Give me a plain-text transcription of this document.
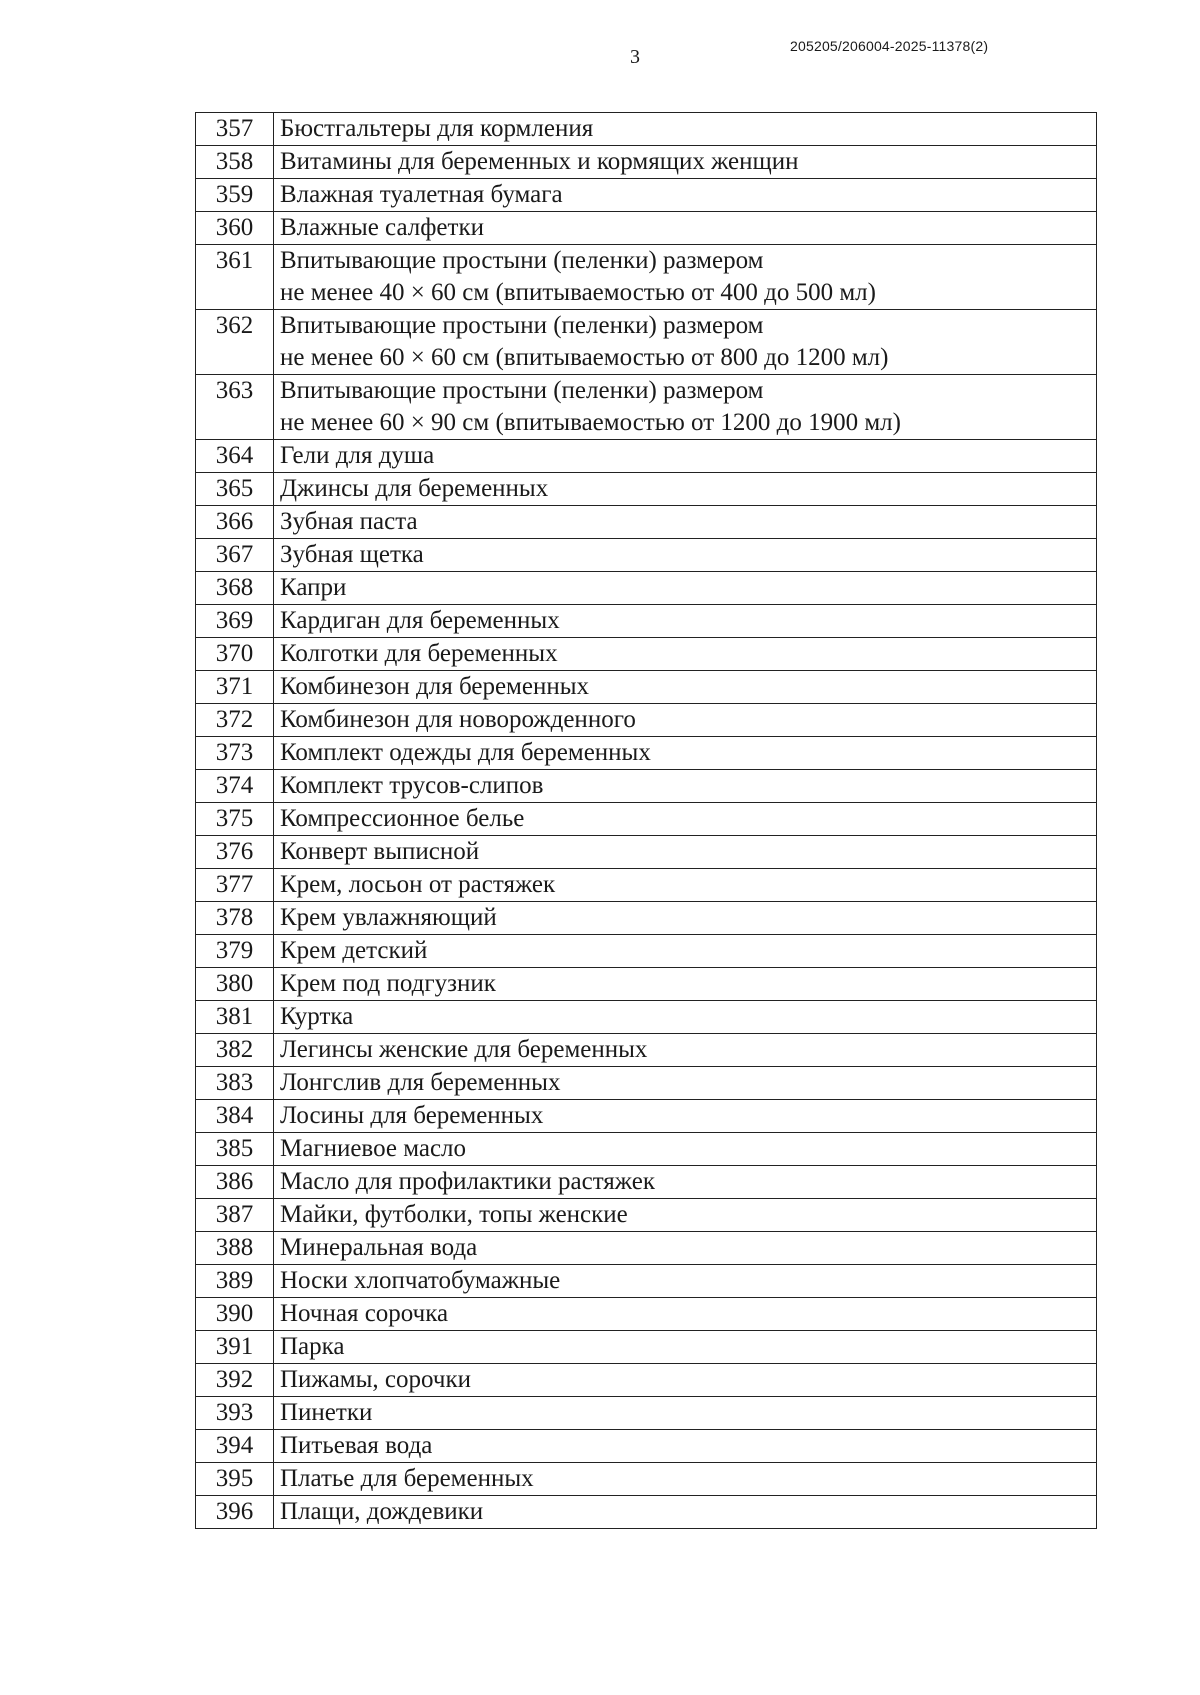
3	205205/206004-2025-11378(2)
357	Бюстгальтеры для кормления
358	Витамины для беременных и кормящих женщин
359	Влажная туалетная бумага
360	Влажные салфетки
361	Впитывающие простыни (пеленки) размером
не менее 40 × 60 см (впитываемостью от 400 до 500 мл)
362	Впитывающие простыни (пеленки) размером
не менее 60 × 60 см (впитываемостью от 800 до 1200 мл)
363	Впитывающие простыни (пеленки) размером
не менее 60 × 90 см (впитываемостью от 1200 до 1900 мл)
364	Гели для душа
365	Джинсы для беременных
366	Зубная паста
367	Зубная щетка
368	Капри
369	Кардиган для беременных
370	Колготки для беременных
371	Комбинезон для беременных
372	Комбинезон для новорожденного
373	Комплект одежды для беременных
374	Комплект трусов-слипов
375	Компрессионное белье
376	Конверт выписной
377	Крем, лосьон от растяжек
378	Крем увлажняющий
379	Крем детский
380	Крем под подгузник
381	Куртка
382	Легинсы женские для беременных
383	Лонгслив для беременных
384	Лосины для беременных
385	Магниевое масло
386	Масло для профилактики растяжек
387	Майки, футболки, топы женские
388	Минеральная вода
389	Носки хлопчатобумажные
390	Ночная сорочка
391	Парка
392	Пижамы, сорочки
393	Пинетки
394	Питьевая вода
395	Платье для беременных
396	Плащи, дождевики
